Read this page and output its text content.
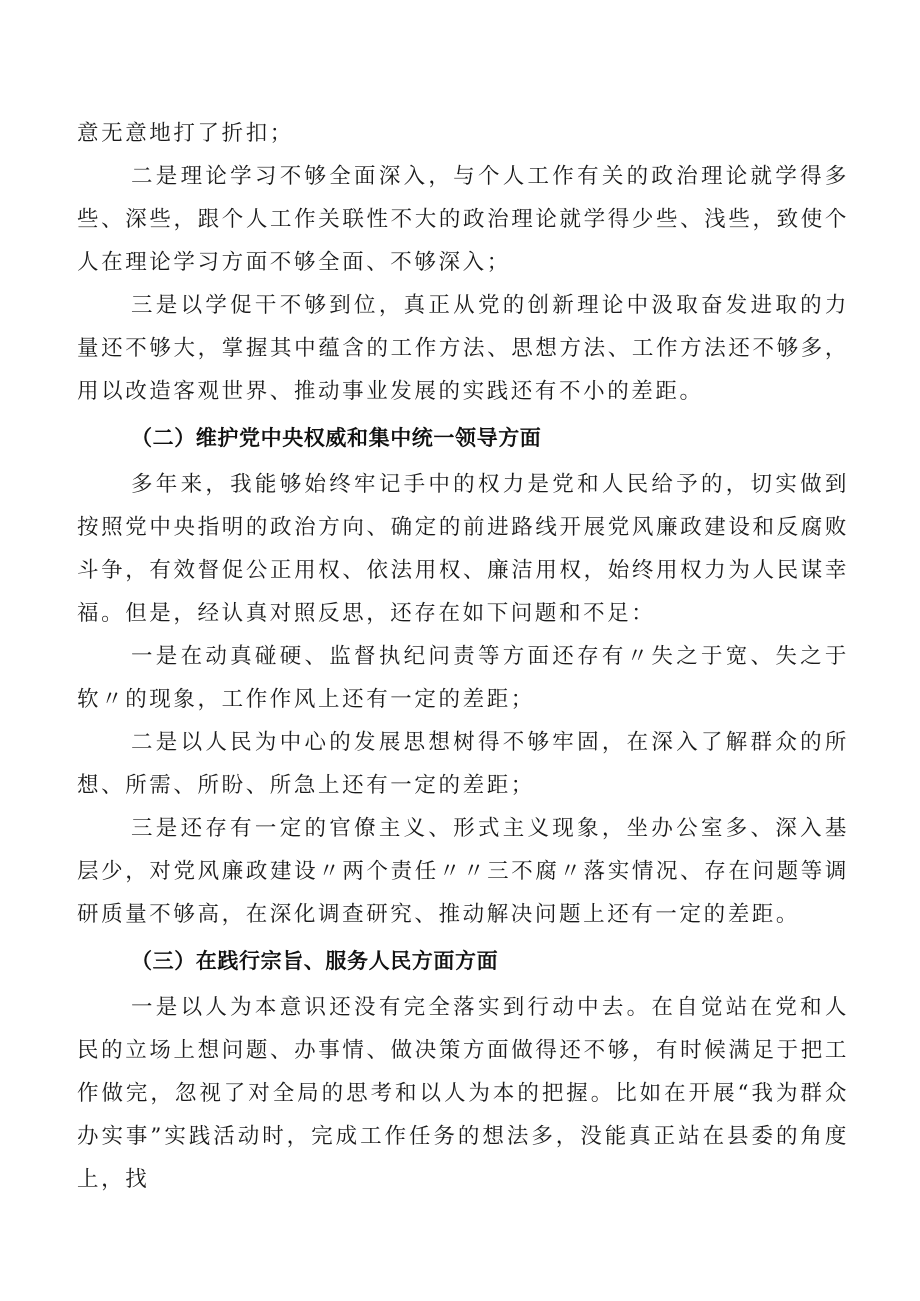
意无意地打了折扣；

二是理论学习不够全面深入，与个人工作有关的政治理论就学得多些、深些，跟个人工作关联性不大的政治理论就学得少些、浅些，致使个人在理论学习方面不够全面、不够深入；

三是以学促干不够到位，真正从党的创新理论中汲取奋发进取的力量还不够大，掌握其中蕴含的工作方法、思想方法、工作方法还不够多，用以改造客观世界、推动事业发展的实践还有不小的差距。

（二）维护党中央权威和集中统一领导方面

多年来，我能够始终牢记手中的权力是党和人民给予的，切实做到按照党中央指明的政治方向、确定的前进路线开展党风廉政建设和反腐败斗争，有效督促公正用权、依法用权、廉洁用权，始终用权力为人民谋幸福。但是，经认真对照反思，还存在如下问题和不足：

一是在动真碰硬、监督执纪问责等方面还存有〃失之于宽、失之于软〃的现象，工作作风上还有一定的差距；

二是以人民为中心的发展思想树得不够牢固，在深入了解群众的所想、所需、所盼、所急上还有一定的差距；

三是还存有一定的官僚主义、形式主义现象，坐办公室多、深入基层少，对党风廉政建设〃两个责任〃〃三不腐〃落实情况、存在问题等调研质量不够高，在深化调查研究、推动解决问题上还有一定的差距。

（三）在践行宗旨、服务人民方面方面

一是以人为本意识还没有完全落实到行动中去。在自觉站在党和人民的立场上想问题、办事情、做决策方面做得还不够，有时候满足于把工作做完，忽视了对全局的思考和以人为本的把握。比如在开展“我为群众办实事”实践活动时，完成工作任务的想法多，没能真正站在县委的角度上，找
